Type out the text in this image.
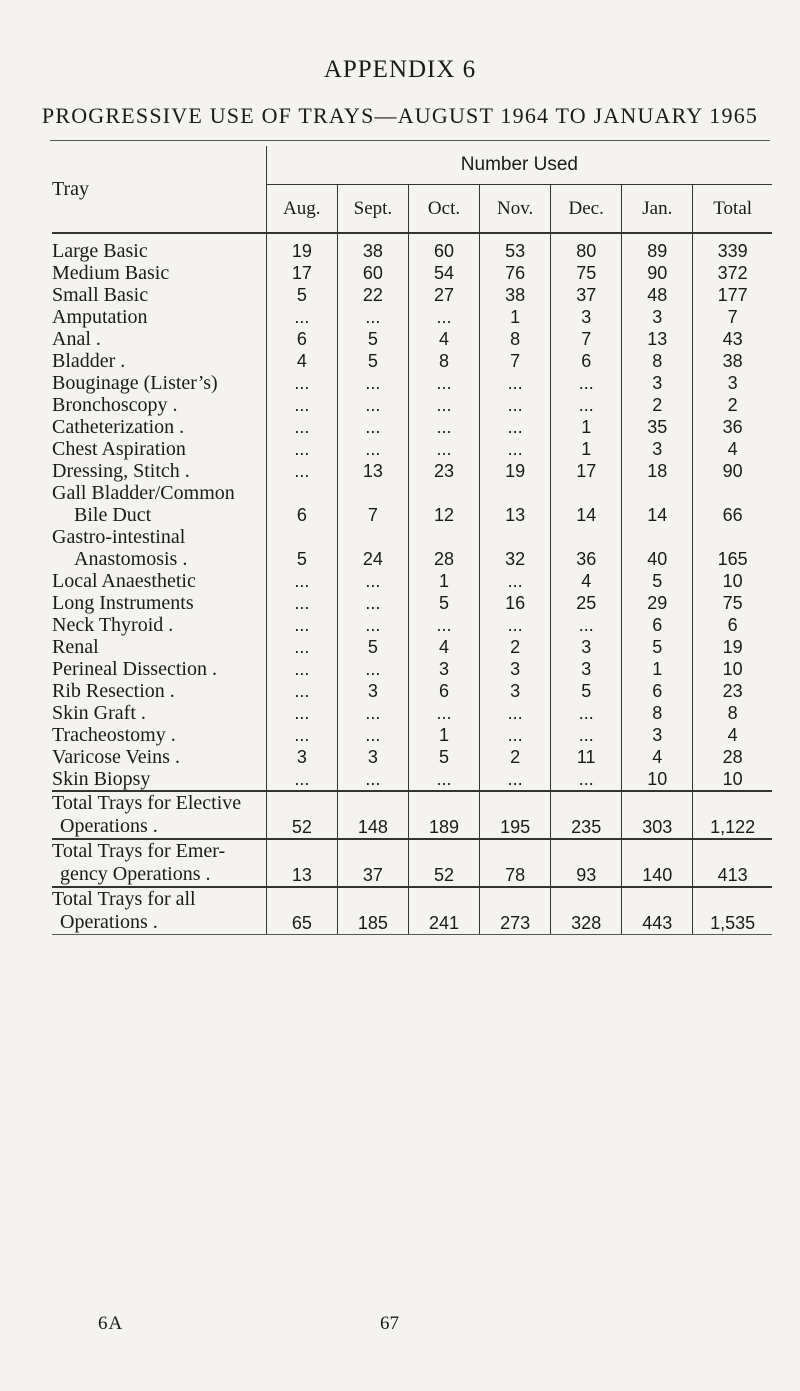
APPENDIX 6
PROGRESSIVE USE OF TRAYS—AUGUST 1964 TO JANUARY 1965
Tray	Number Used						
	Aug.	Sept.	Oct.	Nov.	Dec.	Jan.	Total
Large Basic	19	38	60	53	80	89	339
Medium Basic	17	60	54	76	75	90	372
Small Basic	5	22	27	38	37	48	177
Amputation	...	...	...	1	3	3	7
Anal .	6	5	4	8	7	13	43
Bladder .	4	5	8	7	6	8	38
Bouginage (Lister’s)	...	...	...	...	...	3	3
Bronchoscopy .	...	...	...	...	...	2	2
Catheterization .	...	...	...	...	1	35	36
Chest Aspiration	...	...	...	...	1	3	4
Dressing, Stitch .	...	13	23	19	17	18	90
Gall Bladder/Common							
Bile Duct	6	7	12	13	14	14	66
Gastro-intestinal							
Anastomosis .	5	24	28	32	36	40	165
Local Anaesthetic	...	...	1	...	4	5	10
Long Instruments	...	...	5	16	25	29	75
Neck Thyroid .	...	...	...	...	...	6	6
Renal	...	5	4	2	3	5	19
Perineal Dissection .	...	...	3	3	3	1	10
Rib Resection .	...	3	6	3	5	6	23
Skin Graft .	...	...	...	...	...	8	8
Tracheostomy .	...	...	1	...	...	3	4
Varicose Veins .	3	3	5	2	11	4	28
Skin Biopsy	...	...	...	...	...	10	10
Total Trays for Elective
Operations .	52	148	189	195	235	303	1,122
Total Trays for Emer-
gency Operations .	13	37	52	78	93	140	413
Total Trays for all
Operations .	65	185	241	273	328	443	1,535
6A	67
